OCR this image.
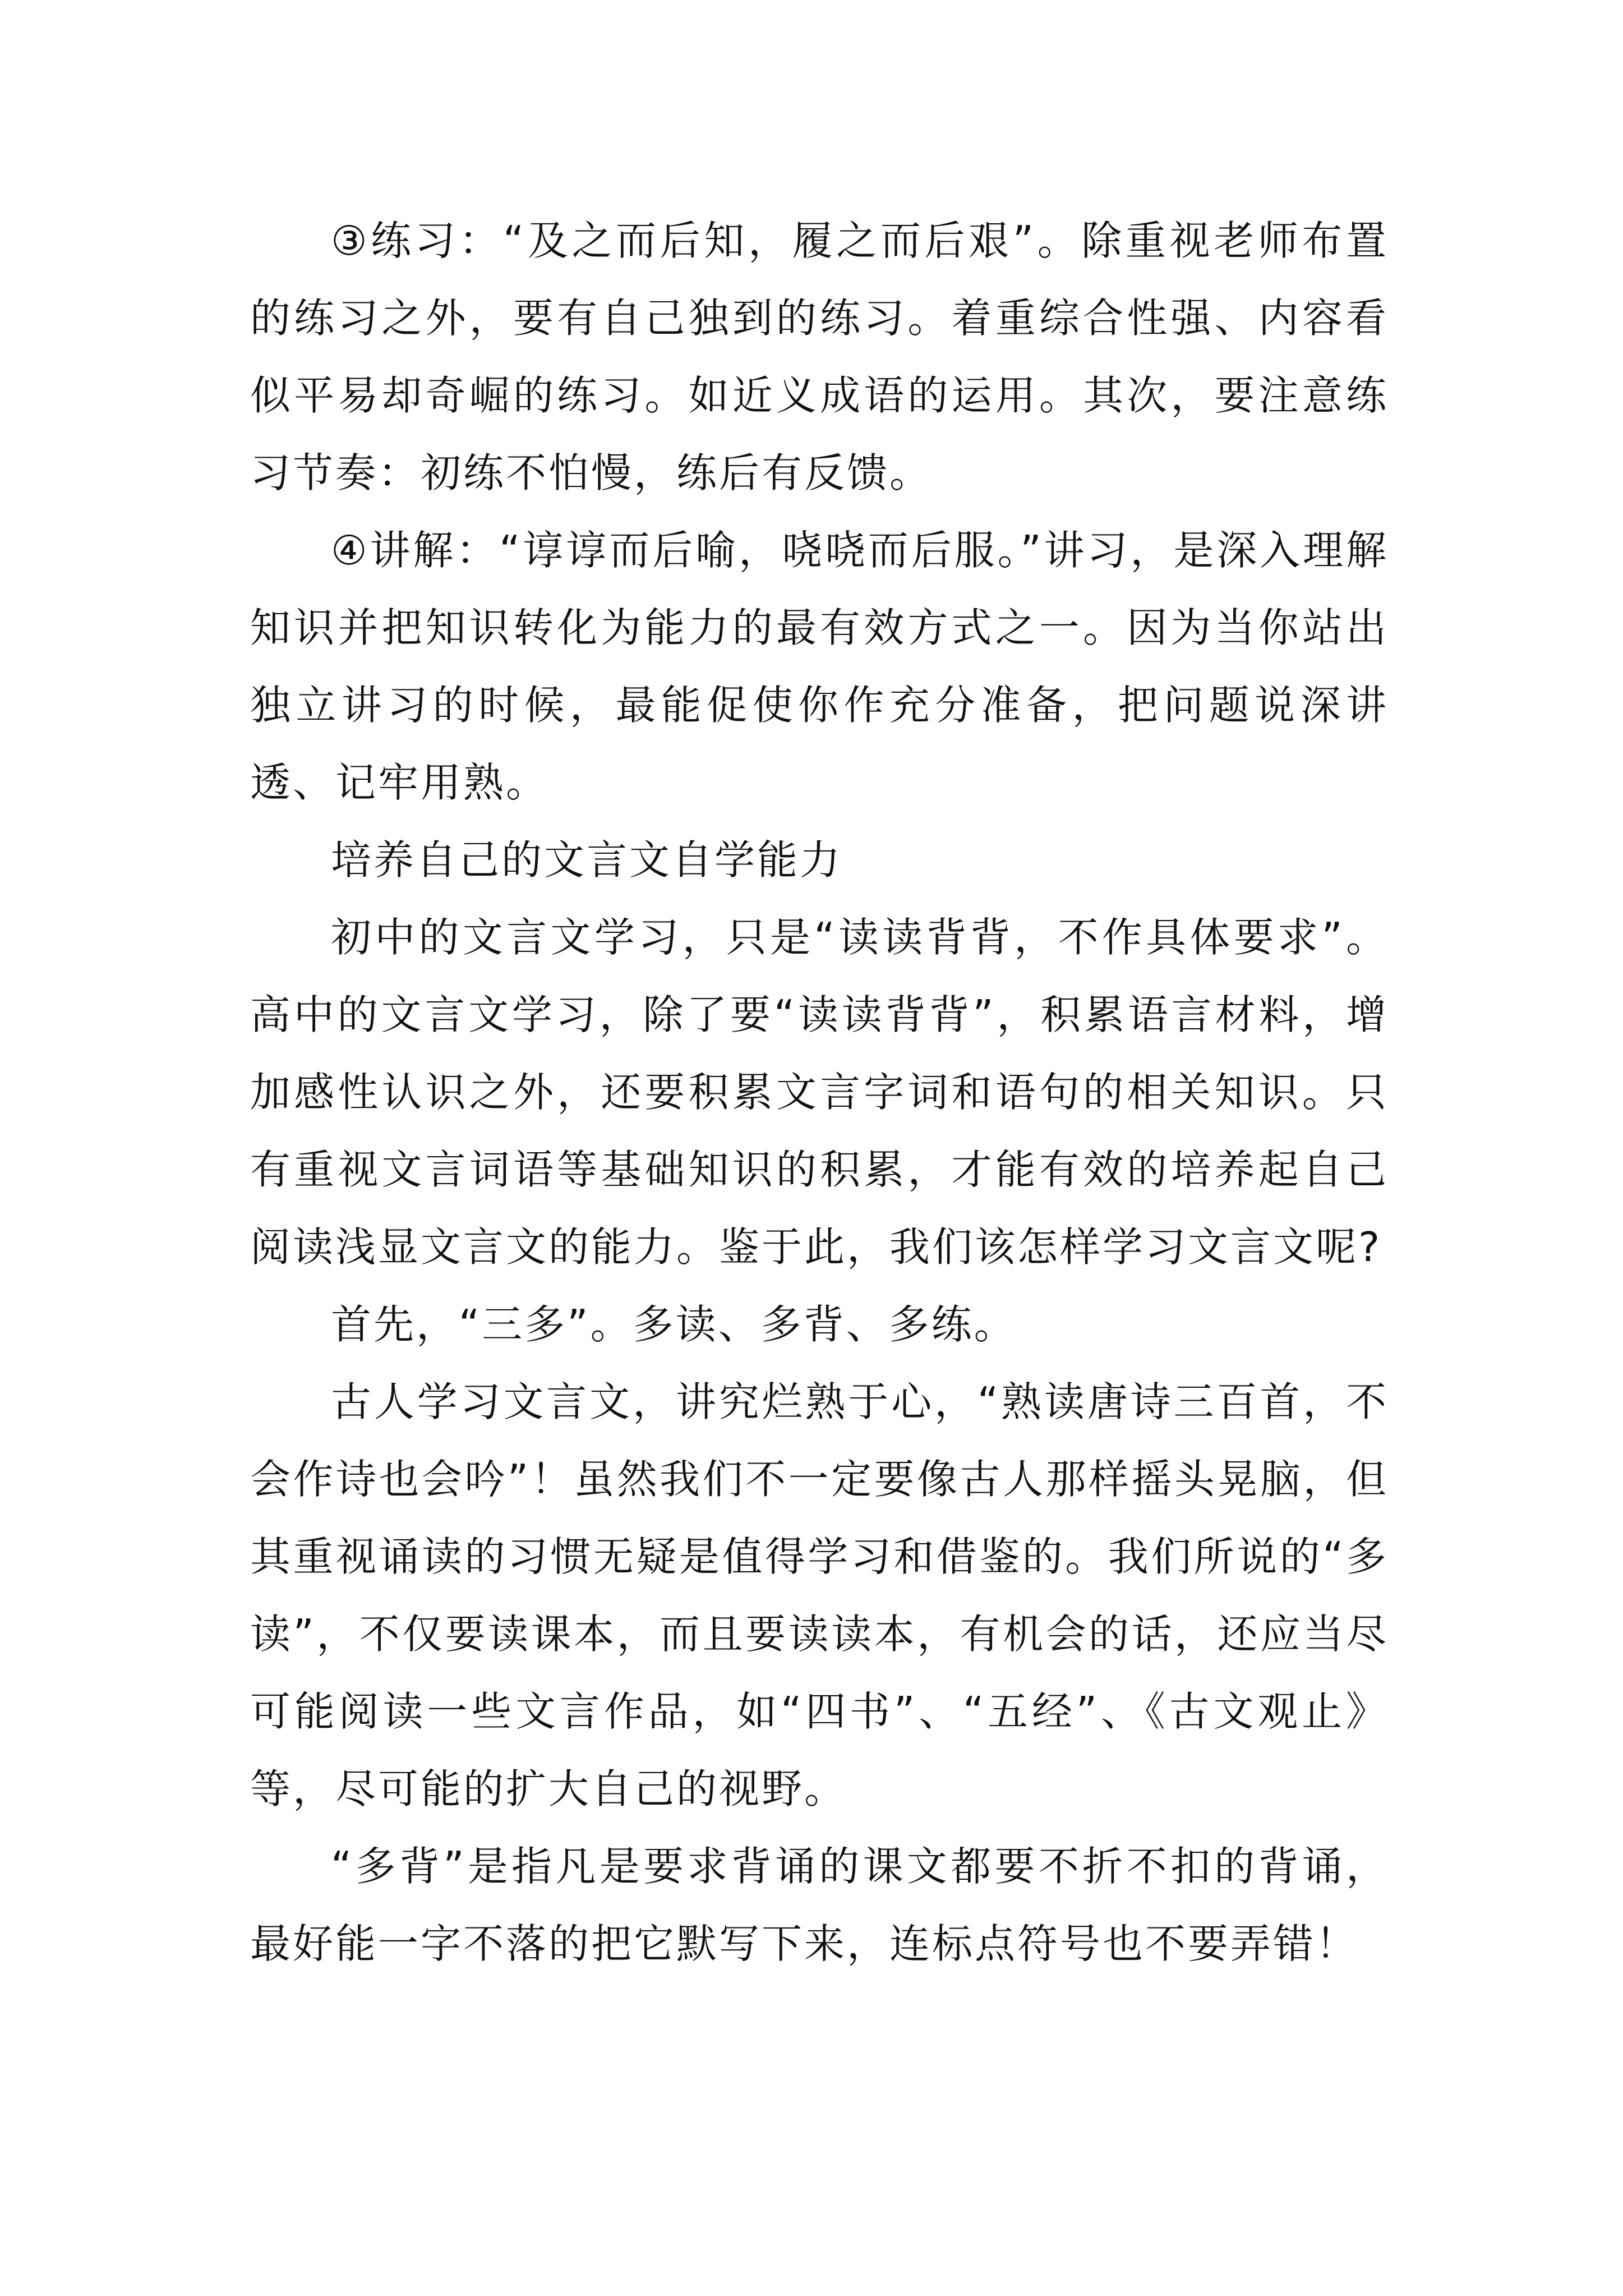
③练习：“及之而后知，履之而后艰”。除重视老师布置的练习之外，要有自己独到的练习。着重综合性强、内容看似平易却奇崛的练习。如近义成语的运用。其次，要注意练习节奏：初练不怕慢，练后有反馈。

④讲解：“谆谆而后喻，哓哓而后服。”讲习，是深入理解知识并把知识转化为能力的最有效方式之一。因为当你站出独立讲习的时候，最能促使你作充分准备，把问题说深讲透、记牢用熟。

培养自己的文言文自学能力

初中的文言文学习，只是“读读背背，不作具体要求”。高中的文言文学习，除了要“读读背背”，积累语言材料，增加感性认识之外，还要积累文言字词和语句的相关知识。只有重视文言词语等基础知识的积累，才能有效的培养起自己阅读浅显文言文的能力。鉴于此，我们该怎样学习文言文呢?

首先，“三多”。多读、多背、多练。

古人学习文言文，讲究烂熟于心，“熟读唐诗三百首，不会作诗也会吟”！虽然我们不一定要像古人那样摇头晃脑，但其重视诵读的习惯无疑是值得学习和借鉴的。我们所说的“多读”，不仅要读课本，而且要读读本，有机会的话，还应当尽可能阅读一些文言作品，如“四书”、“五经”、《古文观止》等，尽可能的扩大自己的视野。

“多背”是指凡是要求背诵的课文都要不折不扣的背诵，最好能一字不落的把它默写下来，连标点符号也不要弄错！
